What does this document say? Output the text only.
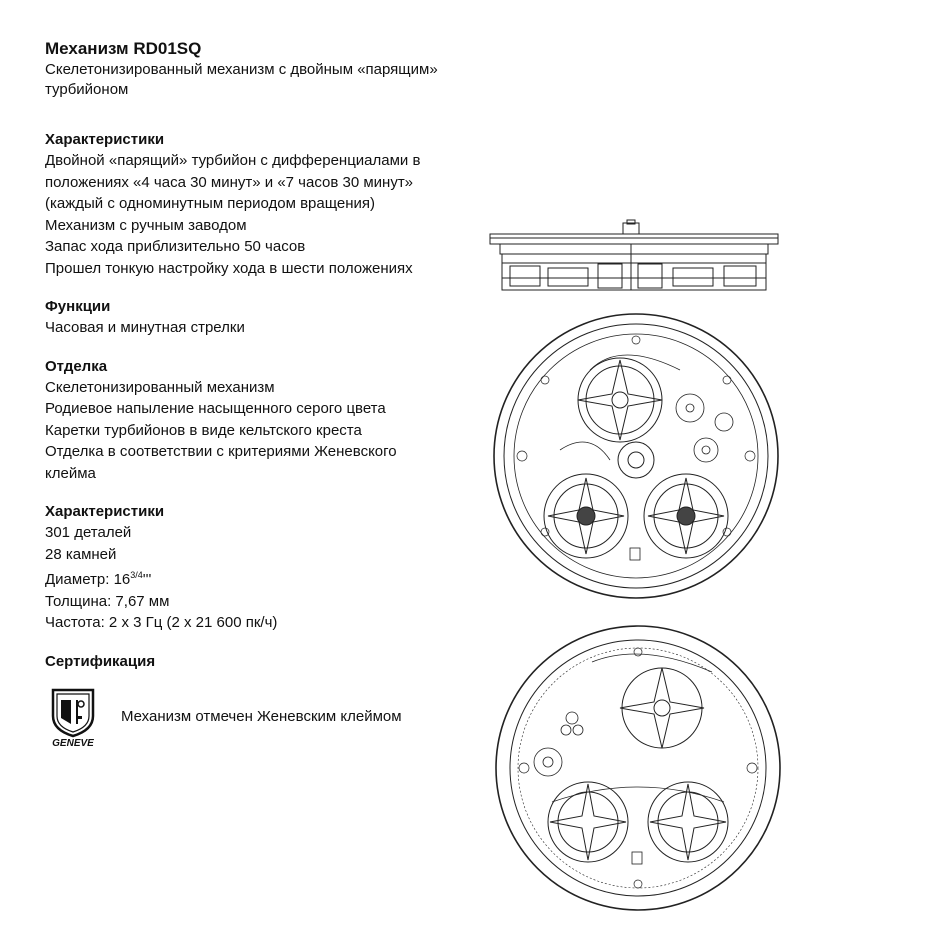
Механизм RD01SQ
Скелетонизированный механизм с двойным «парящим» турбийоном
Характеристики
Двойной «парящий» турбийон с дифференциалами в
положениях «4 часа 30 минут» и «7 часов 30 минут»
(каждый с одноминутным периодом вращения)
Механизм с ручным заводом
Запас хода приблизительно 50 часов
Прошел тонкую настройку хода в шести положениях
Функции
Часовая и минутная стрелки
Отделка
Скелетонизированный механизм
Родиевое напыление насыщенного серого цвета
Каретки турбийонов в виде кельтского креста
Отделка в соответствии с критериями Женевского
клейма
Характеристики
301 деталей
28 камней
Диаметр: $16^{3/4}'''$
Толщина: 7,67 мм
Частота: 2 x 3 Гц (2 x 21 600 пк/ч)
Сертификация
GENEVE
Механизм отмечен Женевским клеймом
